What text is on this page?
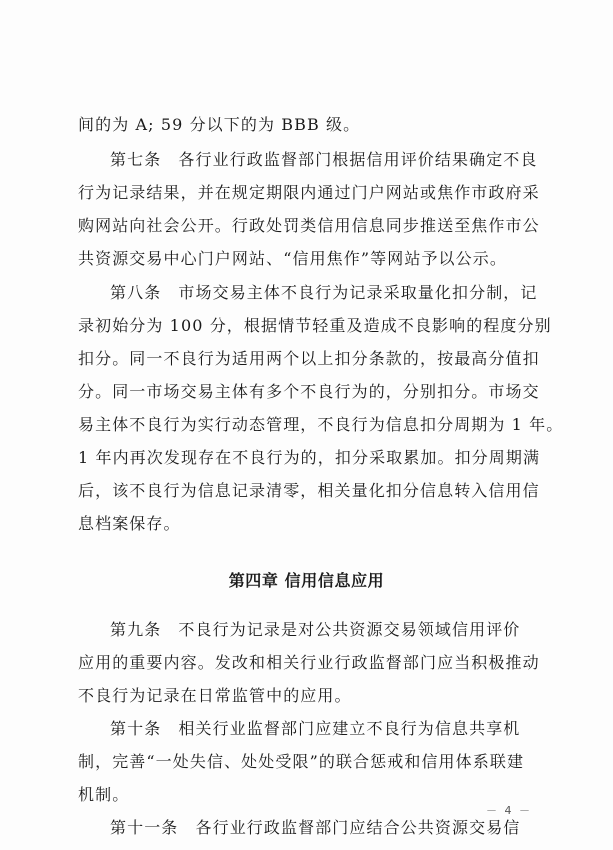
间的为 A; 59 分以下的为 BBB 级。
第七条　各行业行政监督部门根据信用评价结果确定不良
行为记录结果，并在规定期限内通过门户网站或焦作市政府采
购网站向社会公开。行政处罚类信用信息同步推送至焦作市公
共资源交易中心门户网站、“信用焦作”等网站予以公示。
第八条　市场交易主体不良行为记录采取量化扣分制，记
录初始分为 100 分，根据情节轻重及造成不良影响的程度分别
扣分。同一不良行为适用两个以上扣分条款的，按最高分值扣
分。同一市场交易主体有多个不良行为的，分别扣分。市场交
易主体不良行为实行动态管理，不良行为信息扣分周期为 1 年。
1 年内再次发现存在不良行为的，扣分采取累加。扣分周期满
后，该不良行为信息记录清零，相关量化扣分信息转入信用信
息档案保存。
第四章 信用信息应用
第九条　不良行为记录是对公共资源交易领域信用评价
应用的重要内容。发改和相关行业行政监督部门应当积极推动
不良行为记录在日常监管中的应用。
第十条　相关行业监督部门应建立不良行为信息共享机
制，完善“一处失信、处处受限”的联合惩戒和信用体系联建
机制。
第十一条　各行业行政监督部门应结合公共资源交易信
－ 4 －
